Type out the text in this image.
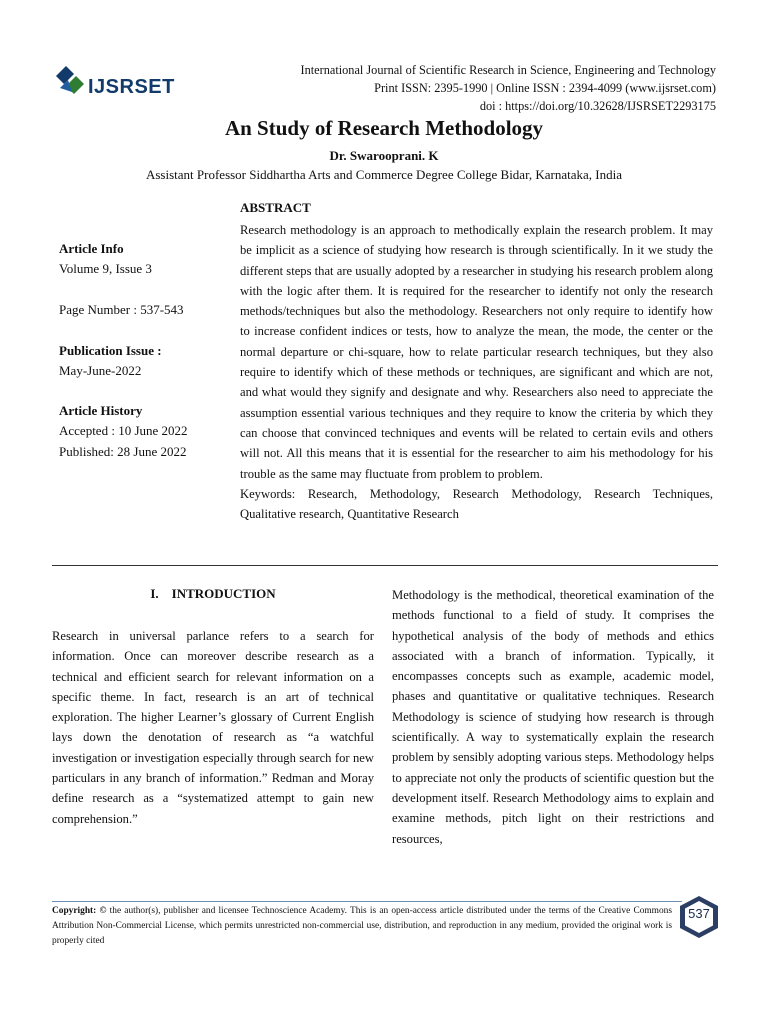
IJSRSET
International Journal of Scientific Research in Science, Engineering and Technology
Print ISSN: 2395-1990 | Online ISSN : 2394-4099 (www.ijsrset.com)
doi : https://doi.org/10.32628/IJSRSET2293175
An Study of Research Methodology
Dr. Swarooprani. K
Assistant Professor Siddhartha Arts and Commerce Degree College Bidar, Karnataka, India
Article Info
Volume 9, Issue 3
Page Number : 537-543
Publication Issue :
May-June-2022
Article History
Accepted : 10 June 2022
Published: 28 June 2022
ABSTRACT
Research methodology is an approach to methodically explain the research problem. It may be implicit as a science of studying how research is through scientifically. In it we study the different steps that are usually adopted by a researcher in studying his research problem along with the logic after them. It is required for the researcher to identify not only the research methods/techniques but also the methodology. Researchers not only require to identify how to increase confident indices or tests, how to analyze the mean, the mode, the center or the normal departure or chi-square, how to relate particular research techniques, but they also require to identify which of these methods or techniques, are significant and which are not, and what would they signify and designate and why. Researchers also need to appreciate the assumption essential various techniques and they require to know the criteria by which they can choose that convinced techniques and events will be related to certain evils and others will not. All this means that it is essential for the researcher to aim his methodology for his trouble as the same may fluctuate from problem to problem.
Keywords: Research, Methodology, Research Methodology, Research Techniques, Qualitative research, Quantitative Research
I.    INTRODUCTION
Research in universal parlance refers to a search for information. Once can moreover describe research as a technical and efficient search for relevant information on a specific theme. In fact, research is an art of technical exploration. The higher Learner’s glossary of Current English lays down the denotation of research as “a watchful investigation or investigation especially through search for new particulars in any branch of information.” Redman and Moray define research as a “systematized attempt to gain new comprehension.”
Methodology is the methodical, theoretical examination of the methods functional to a field of study. It comprises the hypothetical analysis of the body of methods and ethics associated with a branch of information. Typically, it encompasses concepts such as example, academic model, phases and quantitative or qualitative techniques. Research Methodology is science of studying how research is through scientifically. A way to systematically explain the research problem by sensibly adopting various steps. Methodology helps to appreciate not only the products of scientific question but the development itself. Research Methodology aims to explain and examine methods, pitch light on their restrictions and resources,
Copyright: © the author(s), publisher and licensee Technoscience Academy. This is an open-access article distributed under the terms of the Creative Commons Attribution Non-Commercial License, which permits unrestricted non-commercial use, distribution, and reproduction in any medium, provided the original work is properly cited
537
